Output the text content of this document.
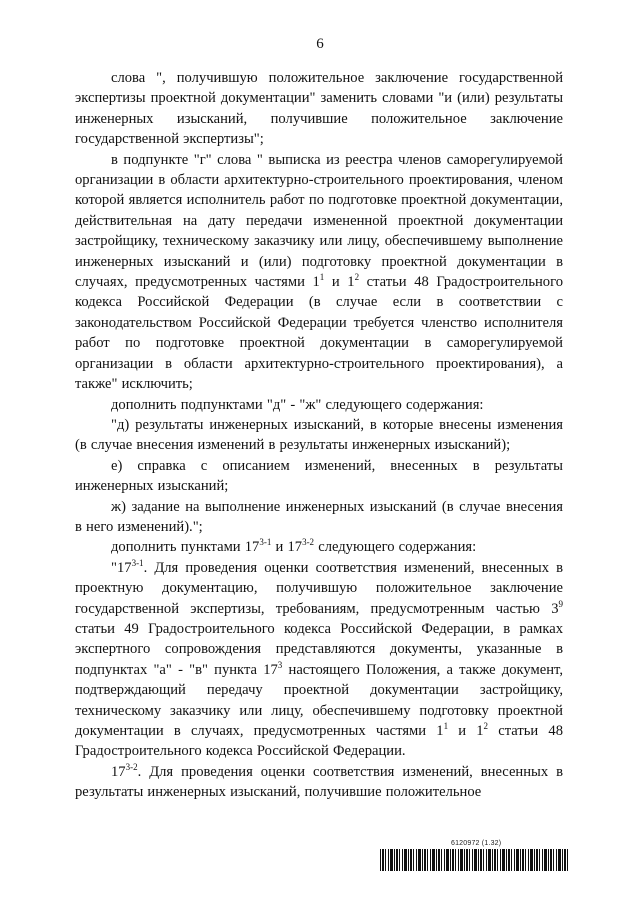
6

слова ", получившую положительное заключение государственной экспертизы проектной документации" заменить словами "и (или) результаты инженерных изысканий, получившие положительное заключение государственной экспертизы";

в подпункте "г" слова " выписка из реестра членов саморегулируемой организации в области архитектурно-строительного проектирования, членом которой является исполнитель работ по подготовке проектной документации, действительная на дату передачи измененной проектной документации застройщику, техническому заказчику или лицу, обеспечившему выполнение инженерных изысканий и (или) подготовку проектной документации в случаях, предусмотренных частями $1^1$ и $1^2$ статьи 48 Градостроительного кодекса Российской Федерации (в случае если в соответствии с законодательством Российской Федерации требуется членство исполнителя работ по подготовке проектной документации в саморегулируемой организации в области архитектурно-строительного проектирования), а также" исключить;

дополнить подпунктами "д" - "ж" следующего содержания:

"д) результаты инженерных изысканий, в которые внесены изменения (в случае внесения изменений в результаты инженерных изысканий);

е) справка с описанием изменений, внесенных в результаты инженерных изысканий;

ж) задание на выполнение инженерных изысканий (в случае внесения в него изменений).";

дополнить пунктами 17$^{3-1}$ и 17$^{3-2}$ следующего содержания:

"17$^{3-1}$. Для проведения оценки соответствия изменений, внесенных в проектную документацию, получившую положительное заключение государственной экспертизы, требованиям, предусмотренным частью $3^9$ статьи 49 Градостроительного кодекса Российской Федерации, в рамках экспертного сопровождения представляются документы, указанные в подпунктах "а" - "в" пункта $17^3$ настоящего Положения, а также документ, подтверждающий передачу проектной документации застройщику, техническому заказчику или лицу, обеспечившему подготовку проектной документации в случаях, предусмотренных частями $1^1$ и $1^2$ статьи 48 Градостроительного кодекса Российской Федерации.

17$^{3-2}$. Для проведения оценки соответствия изменений, внесенных в результаты инженерных изысканий, получившие положительное

6120972 (1.32)
